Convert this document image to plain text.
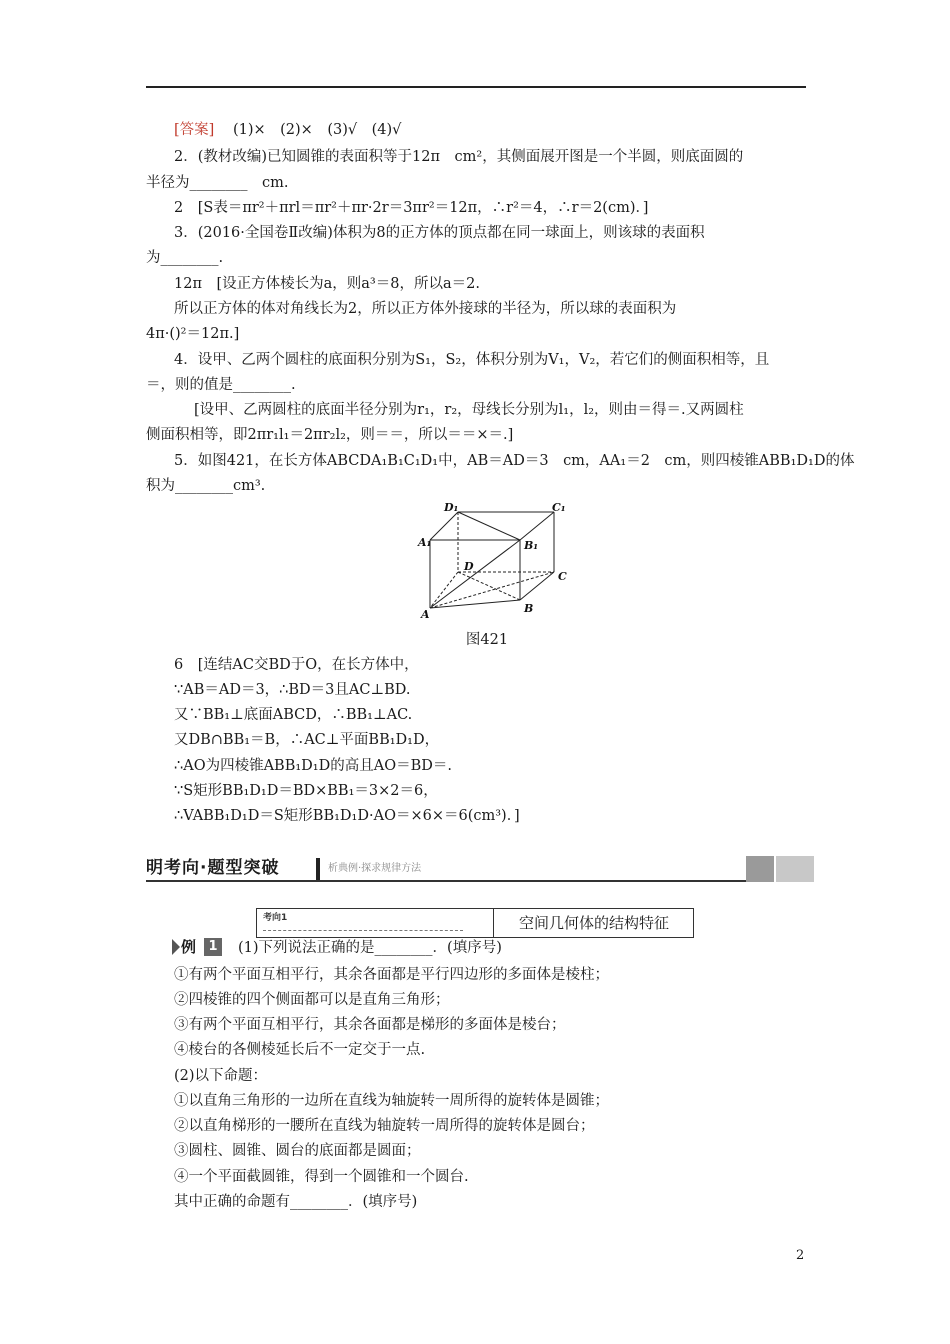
[答案] (1)×　(2)×　(3)√　(4)√
2．(教材改编)已知圆锥的表面积等于12π　cm²，其侧面展开图是一个半圆，则底面圆的
半径为________　cm.
2　[S表＝πr²＋πrl＝πr²＋πr·2r＝3πr²＝12π，∴r²＝4，∴r＝2(cm)．]
3．(2016·全国卷Ⅱ改编)体积为8的正方体的顶点都在同一球面上，则该球的表面积
为________.
12π　[设正方体棱长为a，则a³＝8，所以a＝2.
所以正方体的体对角线长为2，所以正方体外接球的半径为，所以球的表面积为
4π·()²＝12π.]
4．设甲、乙两个圆柱的底面积分别为S₁，S₂，体积分别为V₁，V₂，若它们的侧面积相等，且
＝，则的值是________.
[设甲、乙两圆柱的底面半径分别为r₁，r₂，母线长分别为l₁，l₂，则由＝得＝.又两圆柱
侧面积相等，即2πr₁l₁＝2πr₂l₂，则＝＝，所以＝＝×＝.]
5．如图421，在长方体ABCDA₁B₁C₁D₁中，AB＝AD＝3　cm，AA₁＝2　cm，则四棱锥ABB₁D₁D的体
积为________cm³.
D₁	C₁
A₁	B₁
D
C
A	B
图421
6　[连结AC交BD于O，在长方体中，
∵AB＝AD＝3，∴BD＝3且AC⊥BD.
又∵BB₁⊥底面ABCD，∴BB₁⊥AC.
又DB∩BB₁＝B，∴AC⊥平面BB₁D₁D，
∴AO为四棱锥ABB₁D₁D的高且AO＝BD＝.
∵S矩形BB₁D₁D＝BD×BB₁＝3×2＝6，
∴VABB₁D₁D＝S矩形BB₁D₁D·AO＝×6×＝6(cm³)．]
明考向·题型突破	析典例·探求规律方法
考向1	空间几何体的结构特征
例 1	(1)下列说法正确的是________．(填序号)
①有两个平面互相平行，其余各面都是平行四边形的多面体是棱柱；
②四棱锥的四个侧面都可以是直角三角形；
③有两个平面互相平行，其余各面都是梯形的多面体是棱台；
④棱台的各侧棱延长后不一定交于一点.
(2)以下命题：
①以直角三角形的一边所在直线为轴旋转一周所得的旋转体是圆锥；
②以直角梯形的一腰所在直线为轴旋转一周所得的旋转体是圆台；
③圆柱、圆锥、圆台的底面都是圆面；
④一个平面截圆锥，得到一个圆锥和一个圆台.
其中正确的命题有________．(填序号)
2
